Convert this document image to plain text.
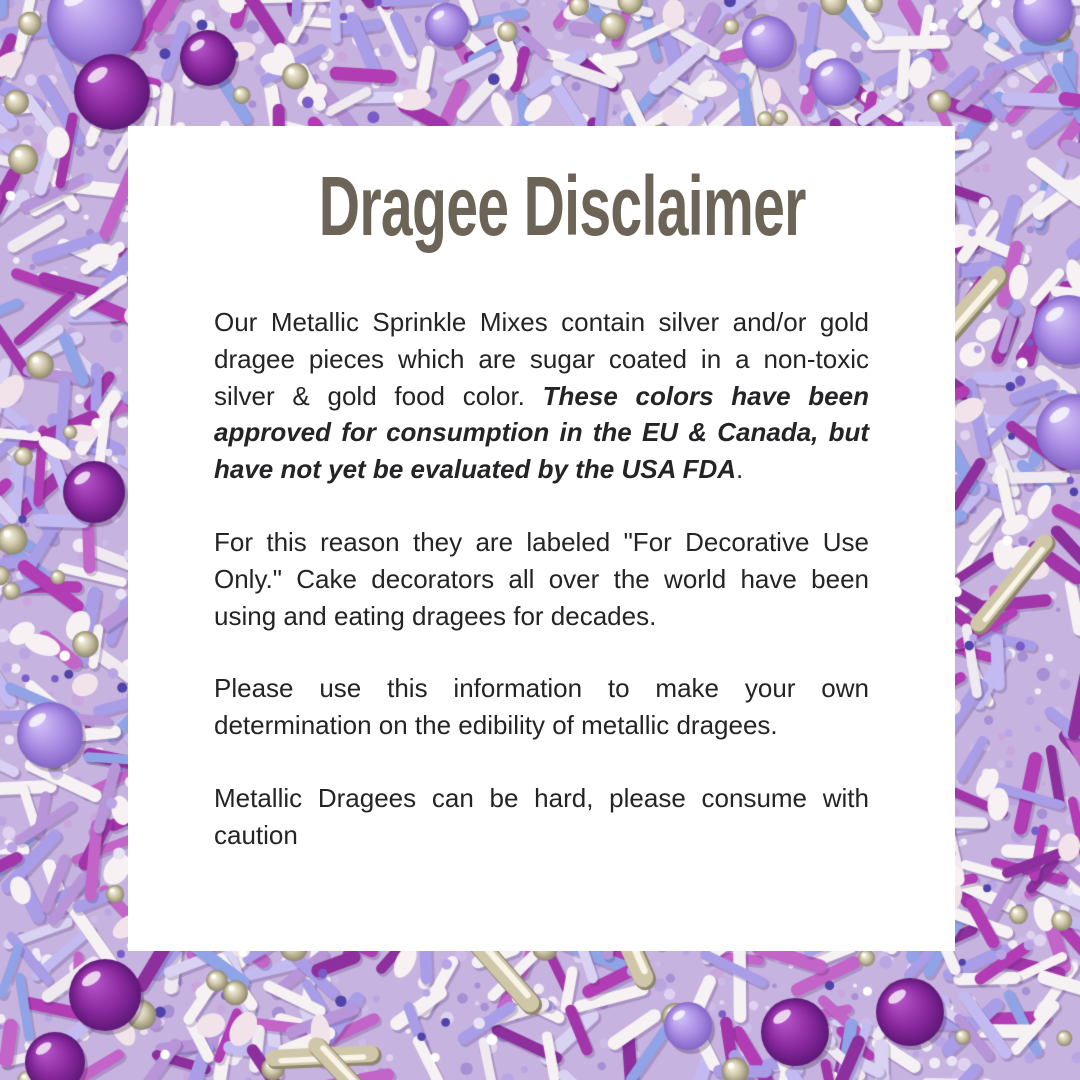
Dragee Disclaimer

Our Metallic Sprinkle Mixes contain silver and/or gold dragee pieces which are sugar coated in a non-toxic silver & gold food color. These colors have been approved for consumption in the EU & Canada, but have not yet be evaluated by the USA FDA.

For this reason they are labeled "For Decorative Use Only." Cake decorators all over the world have been using and eating dragees for decades.

Please use this information to make your own determination on the edibility of metallic dragees.

Metallic Dragees can be hard, please consume with caution
